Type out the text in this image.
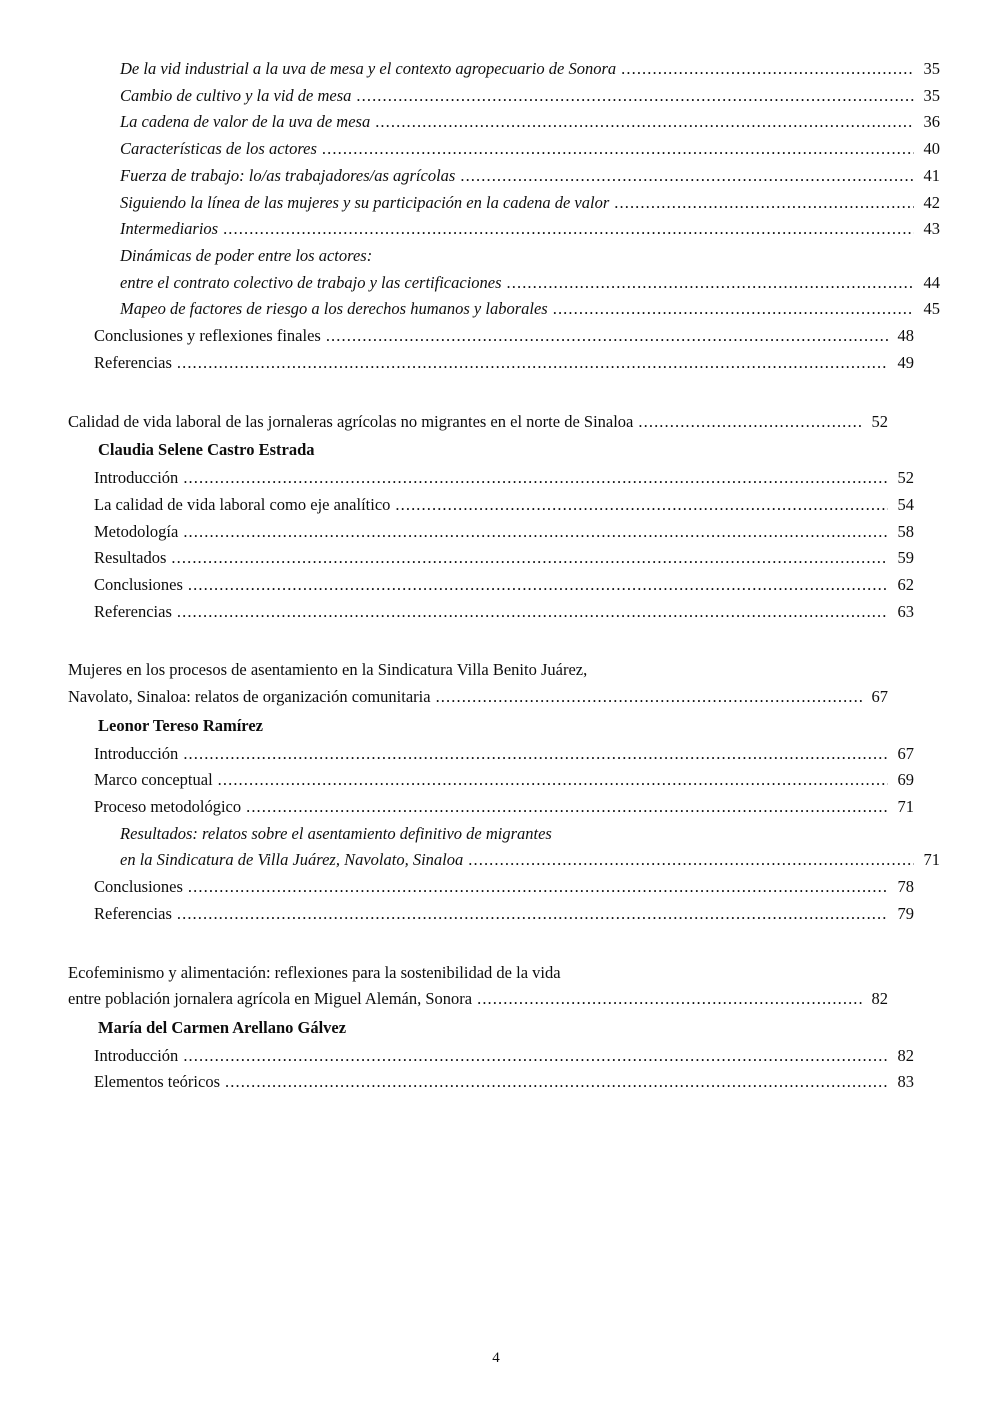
De la vid industrial a la uva de mesa y el contexto agropecuario de Sonora .....	35
Cambio de cultivo y la vid de mesa .....	35
La cadena de valor de la uva de mesa .....	36
Características de los actores .....	40
Fuerza de trabajo: lo/as trabajadores/as agrícolas .....	41
Siguiendo la línea de las mujeres y su participación en la cadena de valor .....	42
Intermediarios .....	43
Dinámicas de poder entre los actores:
entre el contrato colectivo de trabajo y las certificaciones .....	44
Mapeo de factores de riesgo a los derechos humanos y laborales .....	45
Conclusiones y reflexiones finales .....	48
Referencias .....	49
Calidad de vida laboral de las jornaleras agrícolas no migrantes en el norte de Sinaloa .....	52
Claudia Selene Castro Estrada
Introducción .....	52
La calidad de vida laboral como eje analítico .....	54
Metodología .....	58
Resultados .....	59
Conclusiones .....	62
Referencias .....	63
Mujeres en los procesos de asentamiento en la Sindicatura Villa Benito Juárez,
Navolato, Sinaloa: relatos de organización comunitaria .....	67
Leonor Tereso Ramírez
Introducción .....	67
Marco conceptual .....	69
Proceso metodológico .....	71
Resultados: relatos sobre el asentamiento definitivo de migrantes
en la Sindicatura de Villa Juárez, Navolato, Sinaloa .....	71
Conclusiones .....	78
Referencias .....	79
Ecofeminismo y alimentación: reflexiones para la sostenibilidad de la vida
entre población jornalera agrícola en Miguel Alemán, Sonora .....	82
María del Carmen Arellano Gálvez
Introducción .....	82
Elementos teóricos .....	83
4
